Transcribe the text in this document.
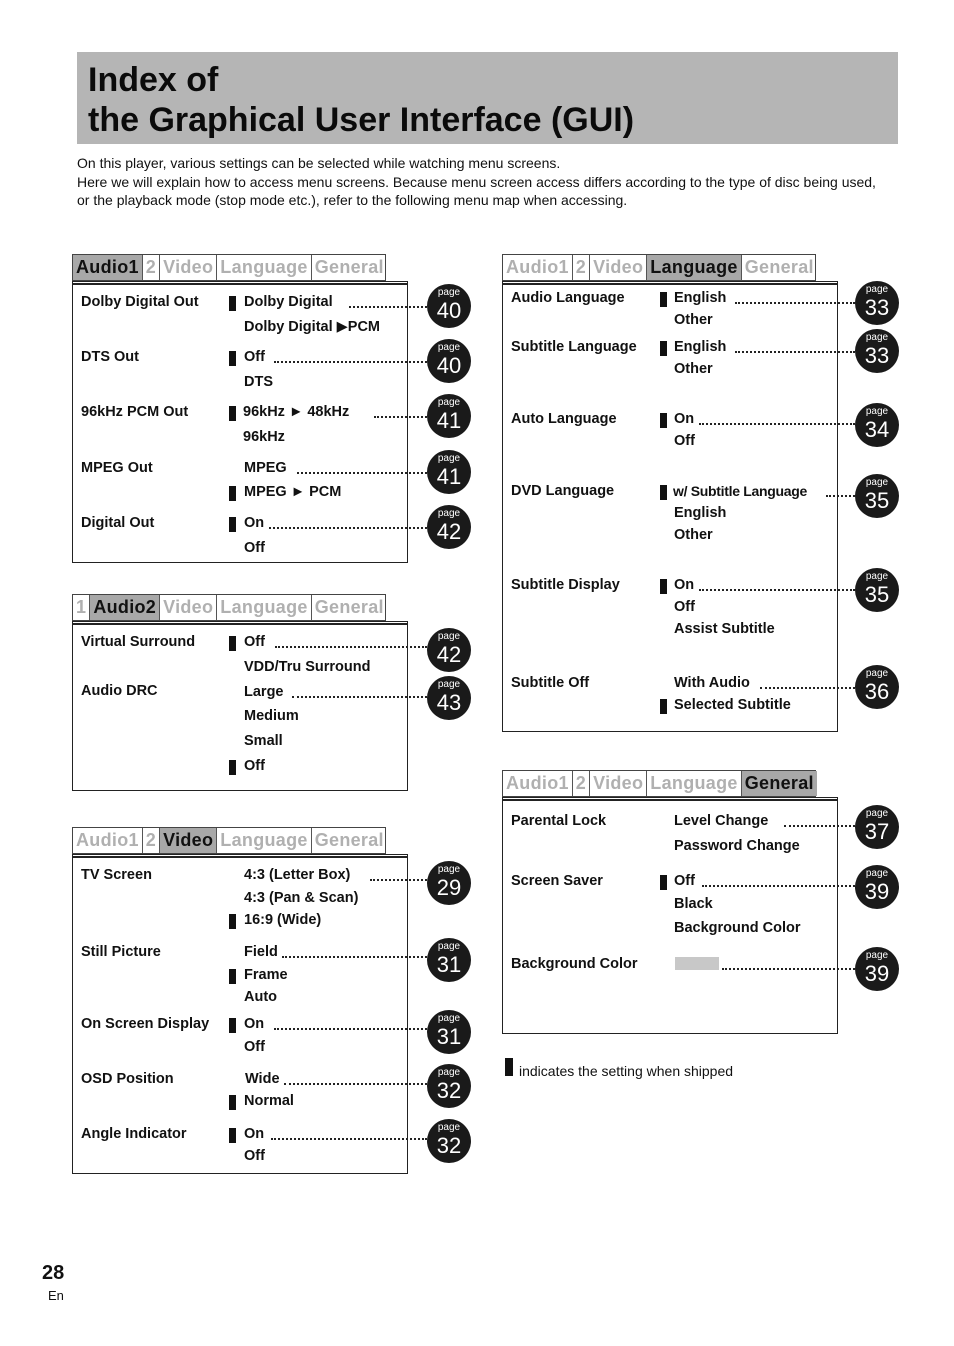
Index of
the Graphical User Interface (GUI)
On this player, various settings can be selected while watching menu screens.
Here we will explain how to access menu screens. Because menu screen access differs according to the type of disc being used,
or the playback mode (stop mode etc.), refer to the following menu map when accessing.
Audio1 2 Video Language General
Dolby Digital Out	Dolby Digital
Dolby Digital ▶PCM
page
40
DTS Out	Off
DTS
page
40
96kHz PCM Out	96kHz ► 48kHz
96kHz
page
41
MPEG Out	MPEG
MPEG ► PCM
page
41
Digital Out	On
Off
page
42
1 Audio2 Video Language General
Virtual Surround	Off
VDD/Tru Surround
page
42
Audio DRC	Large
Medium
Small
Off
page
43
Audio1 2 Video Language General
TV Screen	4:3 (Letter Box)
4:3 (Pan & Scan)
16:9 (Wide)
page
29
Still Picture	Field
Frame
Auto
page
31
On Screen Display On
Off
page
31
OSD Position	Wide
Normal
page
32
Angle Indicator	On
Off
page
32
Audio1 2 Video Language General
Audio Language	English
Other
page
33
Subtitle Language	English
Other
page
33
Auto Language	On
Off
page
34
DVD Language	w/ Subtitle Language
English
Other
page
35
Subtitle Display	On
Off
Assist Subtitle
page
35
Subtitle Off	With Audio
Selected Subtitle
page
36
Audio1 2 Video Language General
Parental Lock	Level Change
Password Change
page
37
Screen Saver	Off
Black
Background Color
page
39
Background Color
page
39
indicates the setting when shipped
28
En
